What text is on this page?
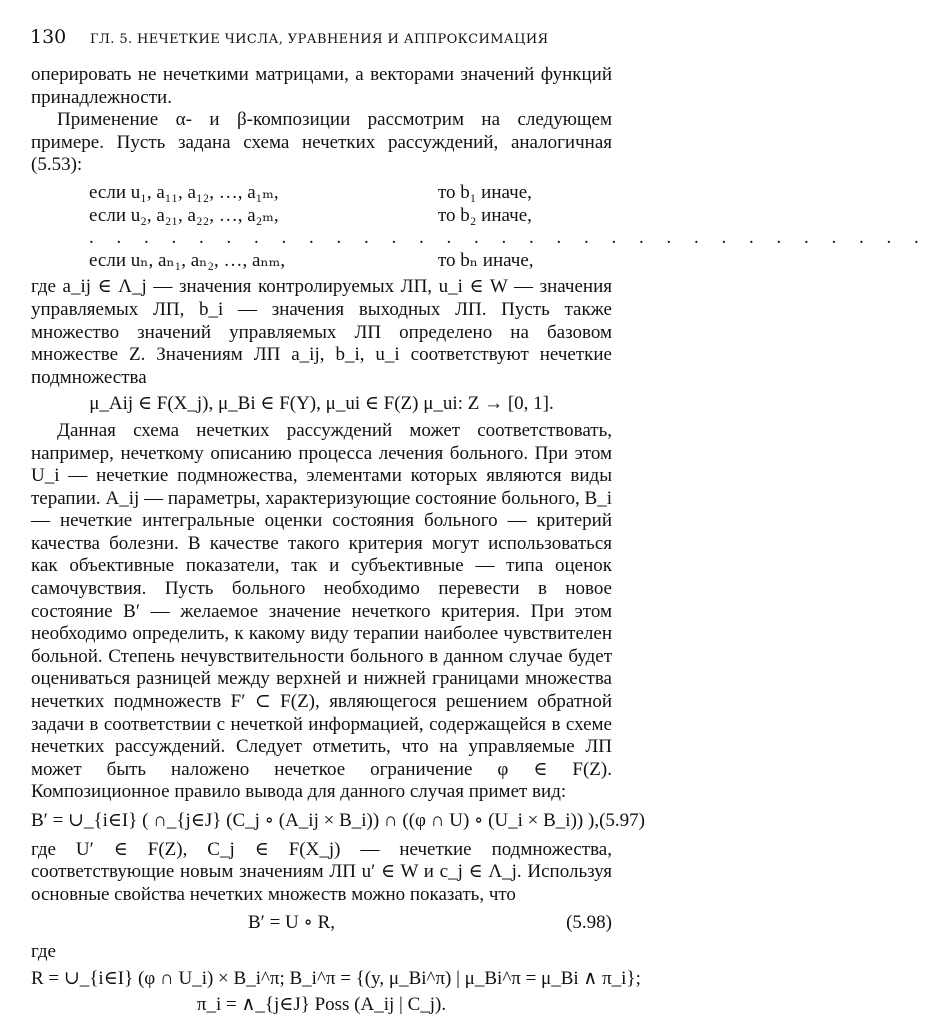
130	ГЛ. 5. НЕЧЕТКИЕ ЧИСЛА, УРАВНЕНИЯ И АППРОКСИМАЦИЯ

оперировать не нечеткими матрицами, а векторами значений функций принадлежности.

Применение α- и β-композиции рассмотрим на следующем примере. Пусть задана схема нечетких рассуждений, аналогичная (5.53):

если u₁, a₁₁, a₁₂, …, a₁ₘ,	то b₁ иначе,
если u₂, a₂₁, a₂₂, …, a₂ₘ,	то b₂ иначе,
. . . . . . . . . . . . . . . . . . . . . . . . . . . . . . .
если uₙ, aₙ₁, aₙ₂, …, aₙₘ,	то bₙ иначе,

где a_ij ∈ Λ_j — значения контролируемых ЛП, u_i ∈ W — значения управляемых ЛП, b_i — значения выходных ЛП. Пусть также множество значений управляемых ЛП определено на базовом множестве Z. Значениям ЛП a_ij, b_i, u_i соответствуют нечеткие подмножества

μ_Aij ∈ F(X_j), μ_Bi ∈ F(Y), μ_ui ∈ F(Z) μ_ui: Z → [0, 1].

Данная схема нечетких рассуждений может соответствовать, например, нечеткому описанию процесса лечения больного. При этом U_i — нечеткие подмножества, элементами которых являются виды терапии. A_ij — параметры, характеризующие состояние больного, B_i — нечеткие интегральные оценки состояния больного — критерий качества болезни. В качестве такого критерия могут использоваться как объективные показатели, так и субъективные — типа оценок самочувствия. Пусть больного необходимо перевести в новое состояние B′ — желаемое значение нечеткого критерия. При этом необходимо определить, к какому виду терапии наиболее чувствителен больной. Степень нечувствительности больного в данном случае будет оцениваться разницей между верхней и нижней границами множества нечетких подмножеств F′ ⊂ F(Z), являющегося решением обратной задачи в соответствии с нечеткой информацией, содержащейся в схеме нечетких рассуждений. Следует отметить, что на управляемые ЛП может быть наложено нечеткое ограничение φ ∈ F(Z). Композиционное правило вывода для данного случая примет вид:

B′ = ∪_{i∈I} ( ∩_{j∈J} (C_j ∘ (A_ij × B_i)) ∩ ((φ ∩ U) ∘ (U_i × B_i)) ), (5.97)

где U′ ∈ F(Z), C_j ∈ F(X_j) — нечеткие подмножества, соответствующие новым значениям ЛП u′ ∈ W и c_j ∈ Λ_j. Используя основные свойства нечетких множеств можно показать, что

B′ = U ∘ R,	(5.98)

где

R = ∪_{i∈I} (φ ∩ U_i) × B_i^π; B_i^π = {(y, μ_Bi^π) | μ_Bi^π = μ_Bi ∧ π_i};
π_i = ∧_{j∈J} Poss (A_ij | C_j).
